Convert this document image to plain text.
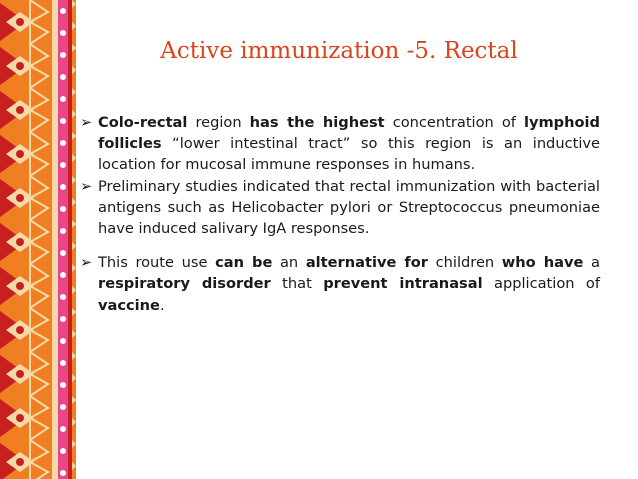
Active immunization -5. Rectal
➢ Colo-rectal region has the highest concentration of lymphoid follicles “lower intestinal tract” so this region is an inductive location for mucosal immune responses in humans.
➢ Preliminary studies indicated that rectal immunization with bacterial antigens such as Helicobacter pylori or Streptococcus pneumoniae have induced salivary IgA responses.
➢ This route use can be an alternative for children who have a respiratory disorder that prevent intranasal application of vaccine.
